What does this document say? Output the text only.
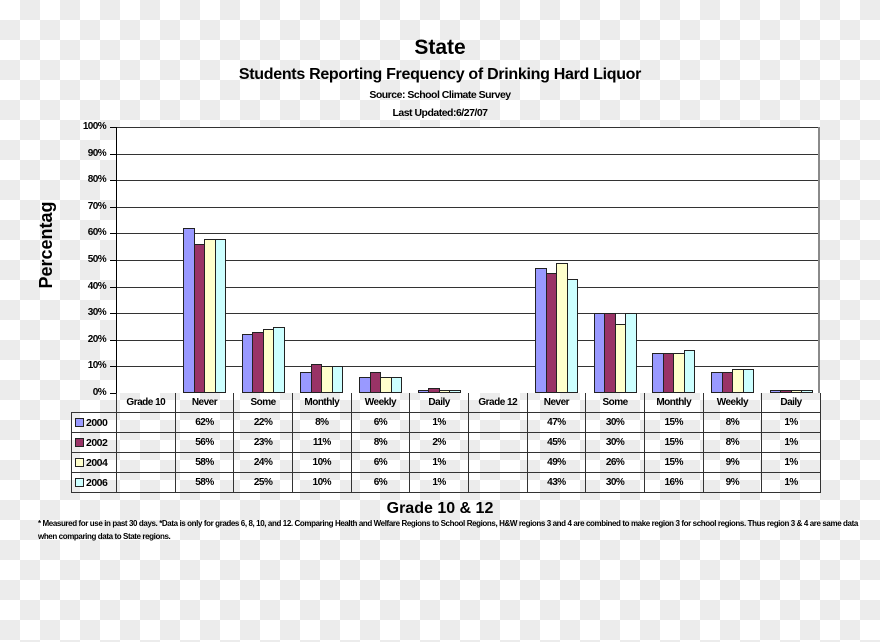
State
Students Reporting Frequency of Drinking Hard Liquor
Source: School Climate Survey
Last Updated:6/27/07
Percentag
100%
90%
80%
70%
60%
50%
40%
30%
20%
10%
0%
	Grade 10	Never	Some	Monthly	Weekly	Daily	Grade 12	Never	Some	Monthly	Weekly	Daily
2000		62%	22%	8%	6%	1%		47%	30%	15%	8%	1%
2002		56%	23%	11%	8%	2%		45%	30%	15%	8%	1%
2004		58%	24%	10%	6%	1%		49%	26%	15%	9%	1%
2006		58%	25%	10%	6%	1%		43%	30%	16%	9%	1%
Grade 10 & 12
* Measured for use in past 30 days. *Data is only for grades 6, 8, 10, and 12. Comparing Health and Welfare Regions to School Regions, H&W regions 3 and 4 are combined to make region 3 for school regions. Thus region 3 & 4 are same data when comparing data to State regions.
